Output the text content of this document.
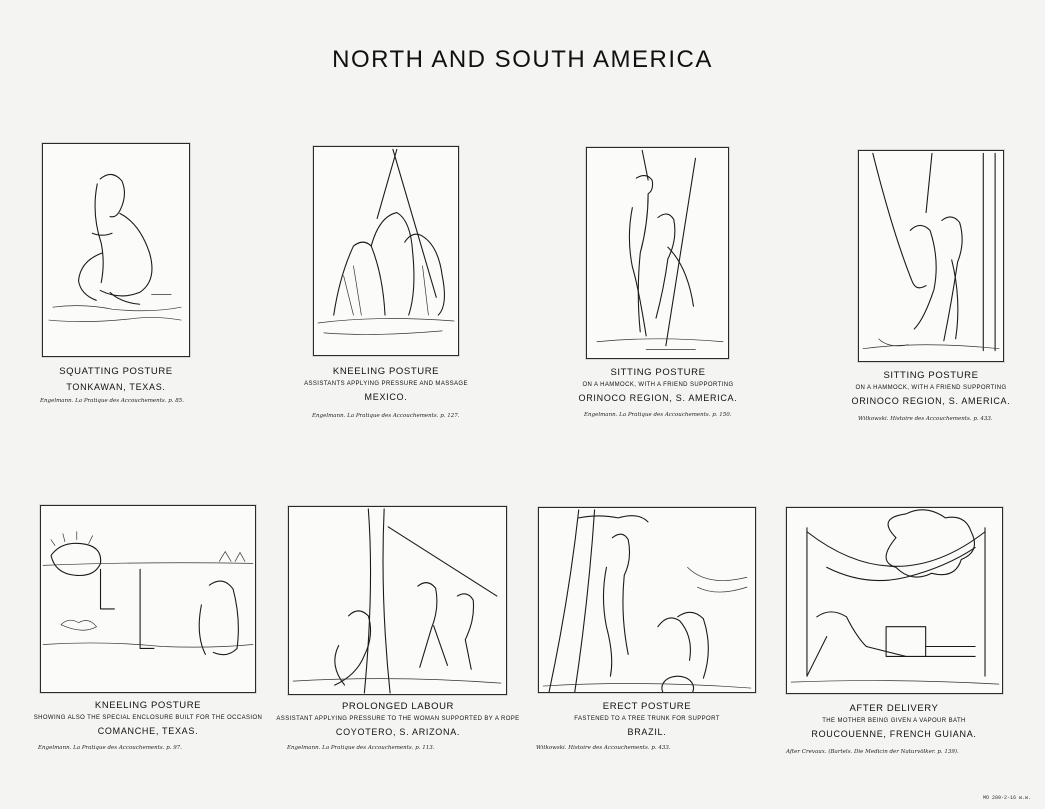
NORTH AND SOUTH AMERICA
SQUATTING POSTURE
TONKAWAN, TEXAS.
Engelmann. La Pratique des Accouchements. p. 85.
KNEELING POSTURE
ASSISTANTS APPLYING PRESSURE AND MASSAGE
MEXICO.
Engelmann. La Pratique des Accouchements. p. 127.
SITTING POSTURE
ON A HAMMOCK, WITH A FRIEND SUPPORTING
ORINOCO REGION, S. AMERICA.
Engelmann. La Pratique des Accouchements. p. 150.
SITTING POSTURE
ON A HAMMOCK, WITH A FRIEND SUPPORTING
ORINOCO REGION, S. AMERICA.
Witkowski. Histoire des Accouchements. p. 433.
KNEELING POSTURE
SHOWING ALSO THE SPECIAL ENCLOSURE BUILT FOR THE OCCASION
COMANCHE, TEXAS.
Engelmann. La Pratique des Accouchements. p. 97.
PROLONGED LABOUR
ASSISTANT APPLYING PRESSURE TO THE WOMAN SUPPORTED BY A ROPE
COYOTERO, S. ARIZONA.
Engelmann. La Pratique des Accouchements. p. 113.
ERECT POSTURE
FASTENED TO A TREE TRUNK FOR SUPPORT
BRAZIL.
Witkowski. Histoire des Accouchements. p. 433.
AFTER DELIVERY
THE MOTHER BEING GIVEN A VAPOUR BATH
ROUCOUENNE, FRENCH GUIANA.
After Crevaux. (Bartels. Die Medicin der Naturvölker. p. 139).
MO 209-2-16 w.w.
